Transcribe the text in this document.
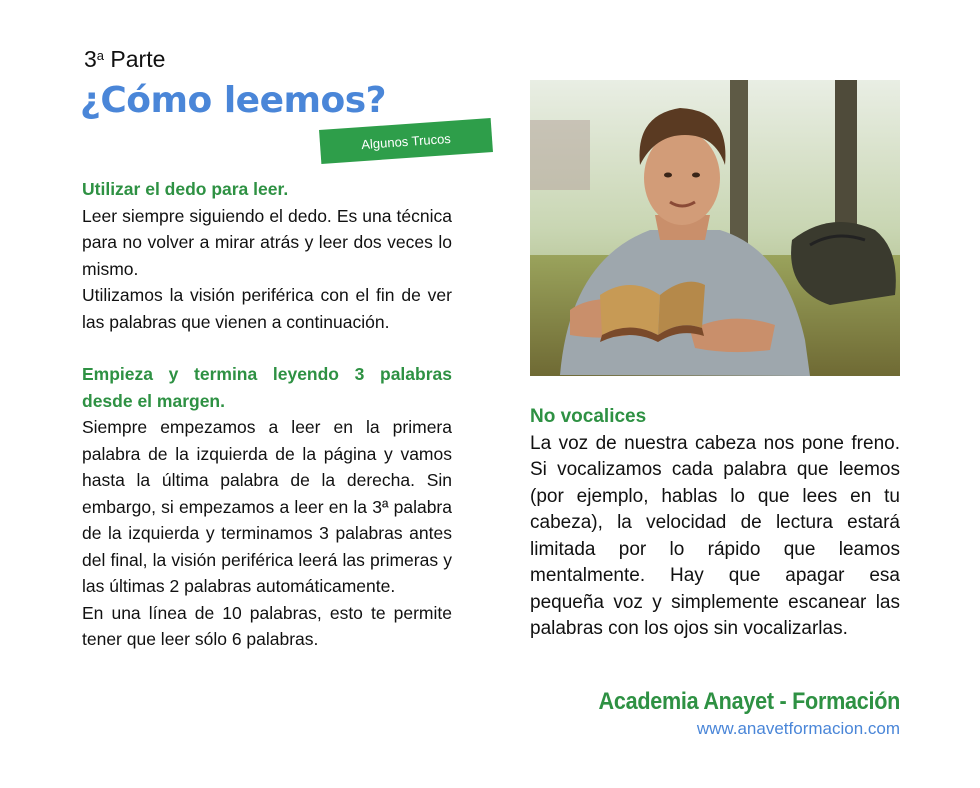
3$^a$ Parte
¿Cómo leemos?
Algunos Trucos
Utilizar el dedo para leer.
Leer siempre siguiendo el dedo. Es una técnica para no volver a mirar atrás y leer dos veces lo mismo.
Utilizamos la visión periférica con el fin de ver las palabras que vienen a continuación.
Empieza y termina leyendo 3 palabras desde el margen.
Siempre empezamos a leer en la primera palabra de la izquierda de la página y vamos hasta la última palabra de la derecha. Sin embargo, si empezamos a leer en la 3ª palabra de la izquierda y terminamos 3 palabras antes del final, la visión periférica leerá las primeras y las últimas 2 palabras automáticamente.
En una línea de 10 palabras, esto te permite tener que leer sólo 6 palabras.
No vocalices
La voz de nuestra cabeza nos pone freno. Si vocalizamos cada palabra que leemos (por ejemplo, hablas lo que lees en tu cabeza), la velocidad de lectura estará limitada por lo rápido que leamos mentalmente. Hay que apagar esa pequeña voz y simplemente escanear las palabras con los ojos sin vocalizarlas.
Academia Anayet - Formación
www.anavetformacion.com
